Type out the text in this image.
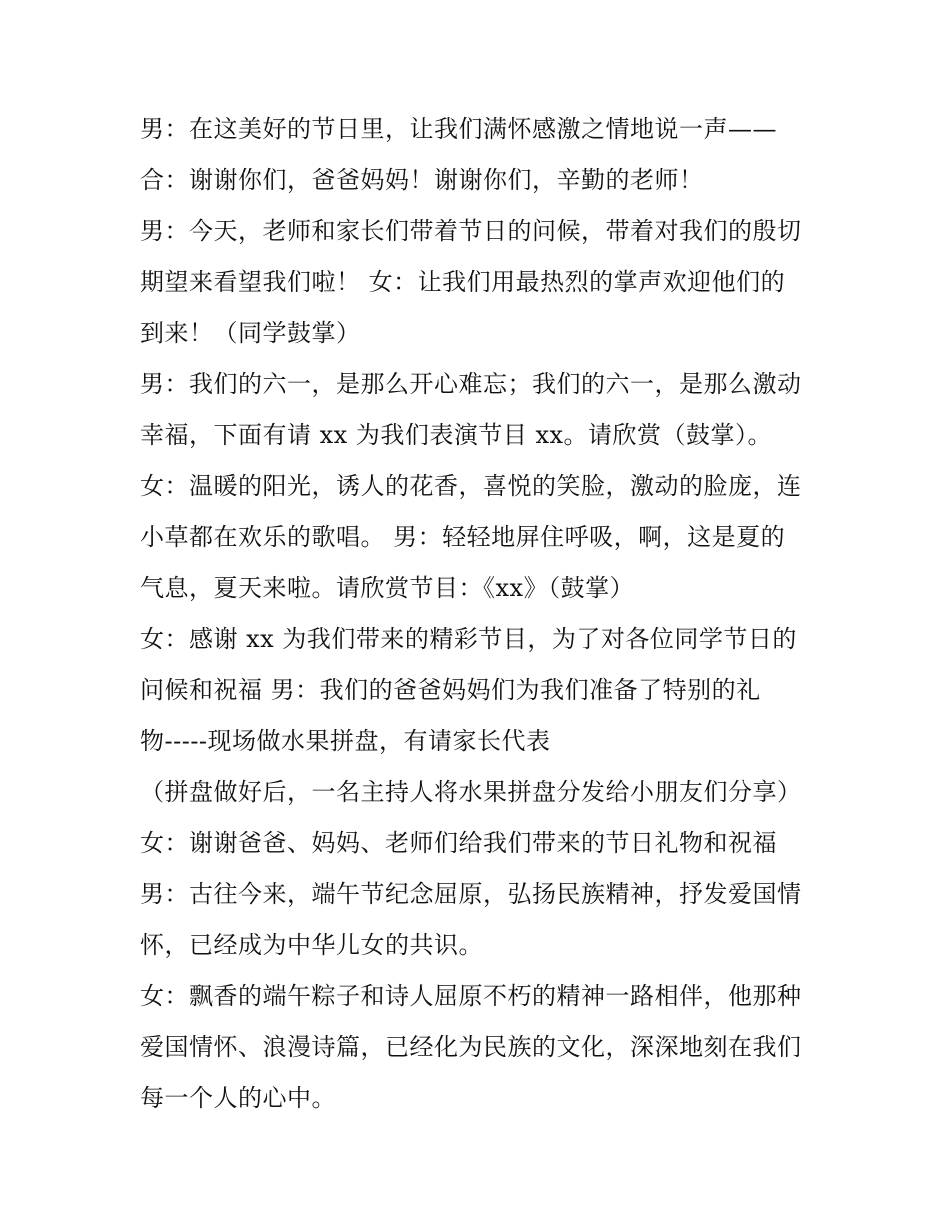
男：在这美好的节日里，让我们满怀感激之情地说一声——
合：谢谢你们，爸爸妈妈！谢谢你们，辛勤的老师！
男：今天，老师和家长们带着节日的问候，带着对我们的殷切
期望来看望我们啦！ 女：让我们用最热烈的掌声欢迎他们的
到来！（同学鼓掌）
男：我们的六一，是那么开心难忘；我们的六一，是那么激动
幸福，下面有请 xx 为我们表演节目 xx。请欣赏（鼓掌）。
女：温暖的阳光，诱人的花香，喜悦的笑脸，激动的脸庞，连
小草都在欢乐的歌唱。 男：轻轻地屏住呼吸，啊，这是夏的
气息，夏天来啦。请欣赏节目：《xx》（鼓掌）
女：感谢 xx 为我们带来的精彩节目，为了对各位同学节日的
问候和祝福 男：我们的爸爸妈妈们为我们准备了特别的礼
物-----现场做水果拼盘，有请家长代表
（拼盘做好后，一名主持人将水果拼盘分发给小朋友们分享）
女：谢谢爸爸、妈妈、老师们给我们带来的节日礼物和祝福
男：古往今来，端午节纪念屈原，弘扬民族精神，抒发爱国情
怀，已经成为中华儿女的共识。
女：飘香的端午粽子和诗人屈原不朽的精神一路相伴，他那种
爱国情怀、浪漫诗篇，已经化为民族的文化，深深地刻在我们
每一个人的心中。
